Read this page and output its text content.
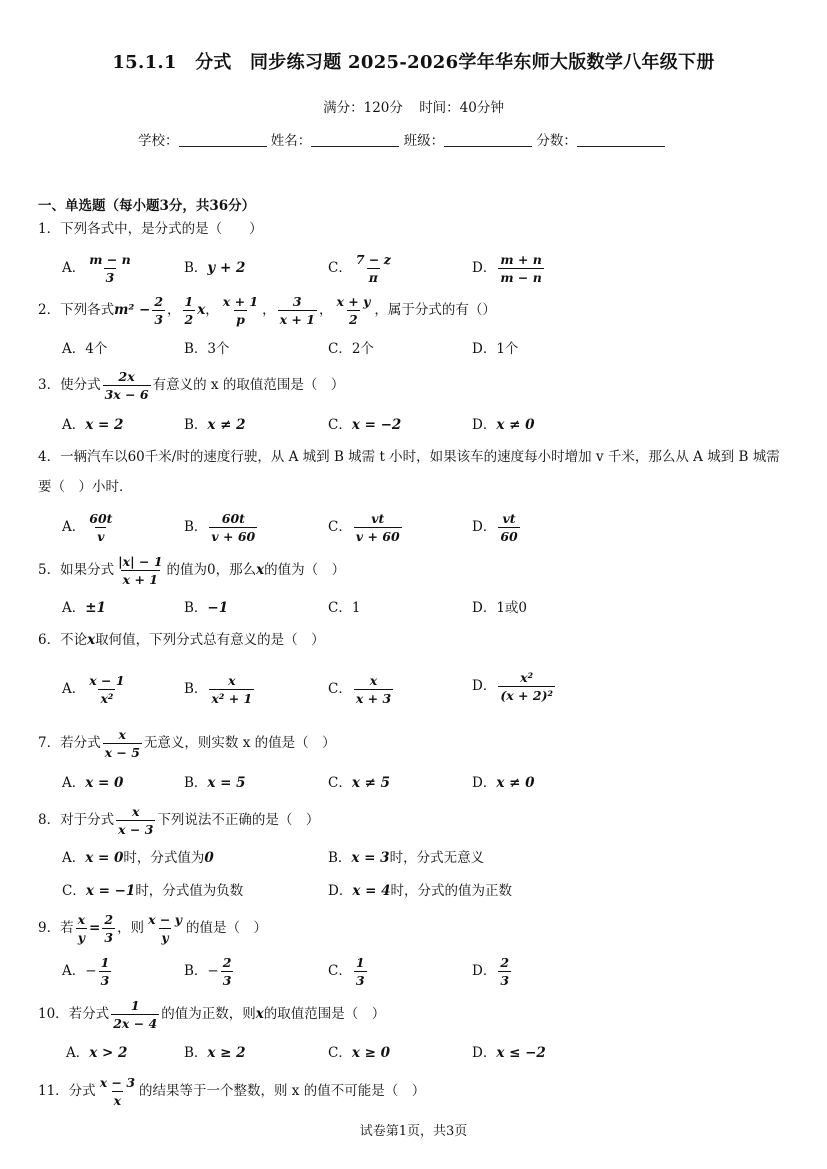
15.1.1　分式　同步练习题 2025-2026学年华东师大版数学八年级下册
满分：120分 时间：40分钟
学校：	姓名：	班级：	分数：
一、单选题（每小题3分，共36分）
1．下列各式中，是分式的是（　　）
A． $\frac{m - n}{3}$	B．y + 2	C． $\frac{7 - z}{\pi}$	D． $\frac{m + n}{m - n}$
2．下列各式$m^2 - \frac{2}{3}$ ， $\frac{1}{2}$ x， $\frac{x + 1}{p}$ ， $\frac{3}{x + 1}$ ， $\frac{x + y}{2}$ ，属于分式的有（）
A．4个	B．3个	C．2个	D．1个
3．使分式 $\frac{2x}{3x - 6}$ 有意义的 x 的取值范围是（　）
A．x = 2	B．x ≠ 2	C．x = −2	D．x ≠ 0
4．一辆汽车以60千米/时的速度行驶，从 A 城到 B 城需 t 小时，如果该车的速度每小时增加 v 千米，那么从 A 城到 B 城需要（　）小时．
A． $\frac{60t}{v}$	B． $\frac{60t}{v + 60}$	C． $\frac{vt}{v + 60}$	D． $\frac{vt}{60}$
5．如果分式 $\frac{|x| - 1}{x + 1}$ 的值为0，那么x的值为（　）
A．±1	B．−1	C．1	D．1或0
6．不论x取何值，下列分式总有意义的是（　）
A． $\frac{x - 1}{\text{x²}}$	B． $\frac{x}{\text{x² + 1}}$	C． $\frac{x}{x + 3}$	D． $\frac{\text{x²}}{\text{(x + 2)²}}$
7．若分式 $\frac{x}{x - 5}$ 无意义，则实数 x 的值是（　）
A．x = 0	B．x = 5	C．x ≠ 5	D．x ≠ 0
8．对于分式 $\frac{x}{x - 3}$ 下列说法不正确的是（　）
A．x = 0时，分式值为0	B．x = 3时，分式无意义
C．x = −1时，分式值为负数	D．x = 4时，分式的值为正数
9．若 $\frac{x}{y} = \frac{2}{3}$ ，则 $\frac{x - y}{y}$ 的值是（　）
A．− $\frac{1}{3}$	B．− $\frac{2}{3}$	C． $\frac{1}{3}$	D． $\frac{2}{3}$
10．若分式 $\frac{1}{2x - 4}$ 的值为正数，则x的取值范围是（　）
A．x > 2	B．x ≥ 2	C．x ≥ 0	D．x ≤ −2
11．分式 $\frac{x - 3}{x}$ 的结果等于一个整数，则 x 的值不可能是（　）
试卷第1页，共3页
